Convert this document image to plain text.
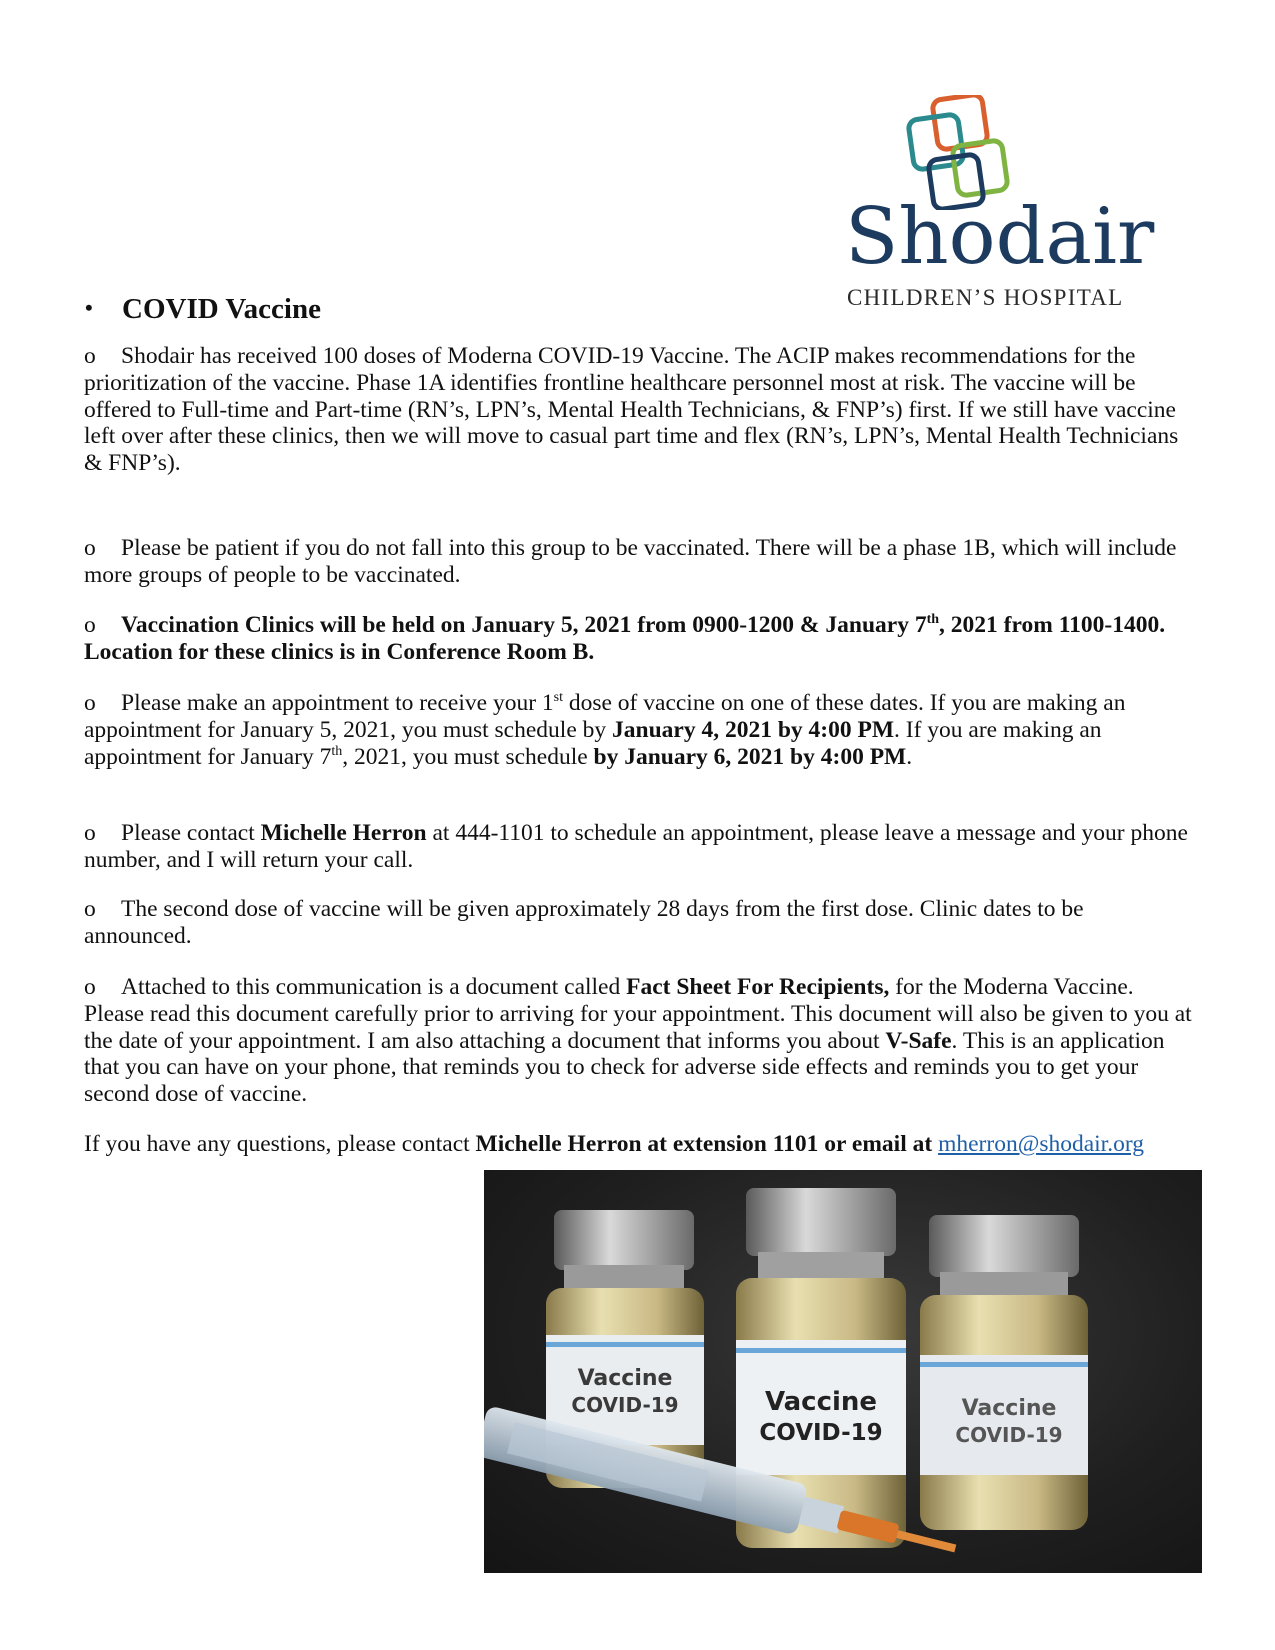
Shodair
CHILDREN’S HOSPITAL
• COVID Vaccine
o Shodair has received 100 doses of Moderna COVID-19 Vaccine. The ACIP makes recommendations for the prioritization of the vaccine. Phase 1A identifies frontline healthcare personnel most at risk. The vaccine will be offered to Full-time and Part-time (RN’s, LPN’s, Mental Health Technicians, & FNP’s) first. If we still have vaccine left over after these clinics, then we will move to casual part time and flex (RN’s, LPN’s, Mental Health Technicians & FNP’s).
o Please be patient if you do not fall into this group to be vaccinated. There will be a phase 1B, which will include more groups of people to be vaccinated.
o Vaccination Clinics will be held on January 5, 2021 from 0900-1200 & January 7th, 2021 from 1100-1400. Location for these clinics is in Conference Room B.
o Please make an appointment to receive your 1st dose of vaccine on one of these dates. If you are making an appointment for January 5, 2021, you must schedule by January 4, 2021 by 4:00 PM. If you are making an appointment for January 7th, 2021, you must schedule by January 6, 2021 by 4:00 PM.
o Please contact Michelle Herron at 444-1101 to schedule an appointment, please leave a message and your phone number, and I will return your call.
o The second dose of vaccine will be given approximately 28 days from the first dose. Clinic dates to be announced.
o Attached to this communication is a document called Fact Sheet For Recipients, for the Moderna Vaccine. Please read this document carefully prior to arriving for your appointment. This document will also be given to you at the date of your appointment. I am also attaching a document that informs you about V-Safe. This is an application that you can have on your phone, that reminds you to check for adverse side effects and reminds you to get your second dose of vaccine.
If you have any questions, please contact Michelle Herron at extension 1101 or email at mherron@shodair.org
Vaccine
COVID-19	Vaccine
COVID-19
Vaccine
COVID-19
